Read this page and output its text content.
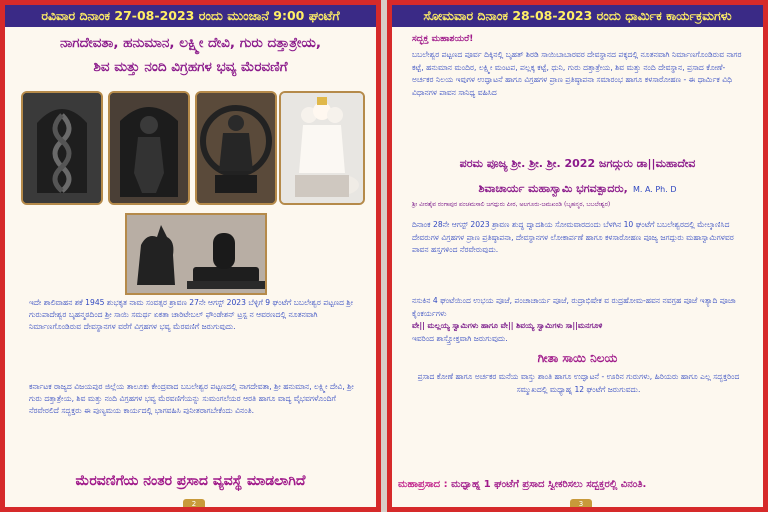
ರವಿವಾರ ದಿನಾಂಕ 27-08-2023 ರಂದು ಮುಂಜಾನೆ 9:00 ಘಂಟೆಗೆ
ನಾಗದೇವತಾ, ಹನುಮಾನ, ಲಕ್ಷ್ಮೀ ದೇವಿ, ಗುರು ದತ್ತಾತ್ರೇಯ,
ಶಿವ ಮತ್ತು ನಂದಿ ವಿಗ್ರಹಗಳ ಭವ್ಯ ಮೆರವಣಿಗೆ
ಇದೇ ಶಾಲಿವಾಹನ ಶಕೆ 1945 ಶುಭಕೃತ ನಾಮ ಸಂವತ್ಸರ ಶ್ರಾವಣ 27ನೇ ಆಗಸ್ಟ್ 2023 ಬೆಳ್ಳಿಗೆ 9 ಘಂಟೆಗೆ ಬಬಲೇಶ್ವರ ಪಟ್ಟಣದ ಶ್ರೀ ಗುರುಪಾದೇಶ್ವರ ಬೃಹನ್ಮಠದಿಂದ ಶ್ರೀ ಸಾಯಿ ಸಮರ್ಥ ಏಕತಾ ಚಾರಿಟೇಬಲ್ ಫೌಂಡೇಶನ್ ಟ್ರಸ್ಟ ನ ಆವರಣದಲ್ಲಿ ನೂತನವಾಗಿ ನಿರ್ಮಾಣಗೊಂಡಿರುವ ದೇವಸ್ಥಾನಗಳ ವರೆಗೆ ವಿಗ್ರಹಗಳ ಭವ್ಯ ಮೆರವಣಿಗೆ ಜರುಗುವುದು.
ಕರ್ನಾಟಕ ರಾಜ್ಯದ ವಿಜಯಪುರ ಜಿಲ್ಲೆಯ ತಾಲೂಕು ಕೇಂದ್ರವಾದ ಬಬಲೇಶ್ವರ ಪಟ್ಟಣದಲ್ಲಿ ನಾಗದೇವತಾ, ಶ್ರೀ ಹನುಮಾನ, ಲಕ್ಷ್ಮೀ ದೇವಿ, ಶ್ರೀ ಗುರು ದತ್ತಾತ್ರೇಯ, ಶಿವ ಮತ್ತು ನಂದಿ ವಿಗ್ರಹಗಳ ಭವ್ಯ ಮೆರವಣಿಗೆಯನ್ನು ಸುಮಂಗಲೆಯರ ಆರತಿ ಹಾಗೂ ವಾದ್ಯ ವೈಭವಗಳೊಂದಿಗೆ ನೆರವೇರಲಿದೆ ಸದ್ಭಕ್ತರು ಈ ಪುಣ್ಯಮಯ ಕಾರ್ಯದಲ್ಲಿ ಭಾಗವಹಿಸಿ ಪುನೀತರಾಗಬೇಕೆಂದು ವಿನಂತಿ.
ಮೆರವಣಿಗೆಯ ನಂತರ ಪ್ರಸಾದ ವ್ಯವಸ್ಥೆ ಮಾಡಲಾಗಿದೆ
2
ಸೋಮವಾರ ದಿನಾಂಕ 28-08-2023 ರಂದು ಧಾರ್ಮಿಕ ಕಾರ್ಯಕ್ರಮಗಳು
ಸದ್ಭಕ್ತ ಮಹಾಶಯರೆ!
ಬಬಲೇಶ್ವರ ಪಟ್ಟಣದ ಪೂರ್ವ ದಿಕ್ಕಿನಲ್ಲಿ ಬೃಹತ್ ಶಿರಡಿ ಸಾಯಿಬಾಬಾರವರ ದೇವಸ್ಥಾನದ ಪಕ್ಕದಲ್ಲಿ ನೂತನವಾಗಿ ನಿರ್ಮಾಣಗೊಂಡಿರುವ ನಾಗರ ಕಟ್ಟೆ, ಹನುಮಾನ ಮಂದಿರ, ಲಕ್ಷ್ಮೀ ಮಂಟಪ, ಪಲ್ಲಕ್ಕ ಕಟ್ಟೆ, ಧುನಿ, ಗುರು ದತ್ತಾತ್ರೇಯ, ಶಿವ ಮತ್ತು ನಂದಿ ದೇವಸ್ಥಾನ, ಪ್ರಸಾದ ಕೋಣೆ-ಅರ್ಚಕರ ನಿಲಯ ಇವುಗಳ ಉದ್ಘಾಟನೆ ಹಾಗೂ ವಿಗ್ರಹಗಳ ಪ್ರಾಣ ಪ್ರತಿಷ್ಠಾಪನಾ ಸಮಾರಂಭ ಹಾಗೂ ಕಳಸಾರೋಹಣ - ಈ ಧಾರ್ಮಿಕ ವಿಧಿ ವಿಧಾನಗಳ ಪಾವನ ಸಾನಿಧ್ಯ ವಹಿಸಿದ
ಪರಮ ಪೂಜ್ಯ ಶ್ರೀ. ಶ್ರೀ. ಶ್ರೀ. 2022 ಜಗದ್ಗುರು ಡಾ||ಮಹಾದೇವ
ಶಿವಾಚಾರ್ಯ ಮಹಾಸ್ವಾಮಿ ಭಗವತ್ಪಾದರು, M. A. Ph. D
ಶ್ರೀ ವೀರಶೈವ ರಂಗಾಪುರ ಪಂಚಮಸಾಲಿ ಜಗದ್ಗುರು ಪೀಠ, ಅಲಗೂರು-ಜಮಖಂಡಿ (ಬೃಹನ್ಮಠ, ಬಬಲೇಶ್ವರ)
ದಿನಾಂಕ 28ನೇ ಆಗಸ್ಟ್ 2023 ಶ್ರಾವಣ ಶುದ್ಧ ದ್ವಾದಶಿಯ ಸೋಮವಾರದಂದು ಬೆಳಗಿನ 10 ಘಂಟೆಗೆ ಬಬಲೇಶ್ವರದಲ್ಲಿ ಮೇಲ್ಕಾಣಿಸಿದ ದೇವರುಗಳ ವಿಗ್ರಹಗಳ ಪ್ರಾಣ ಪ್ರತಿಷ್ಠಾಪನಾ, ದೇವಸ್ಥಾನಗಳ ಲೋಕಾರ್ಪಣೆ ಹಾಗೂ ಕಳಸಾರೋಹಣ ಪೂಜ್ಯ ಜಗದ್ಗುರು ಮಹಾಸ್ವಾಮಿಗಳವರ ಪಾವನ ಹಸ್ತಗಳಿಂದ ನೆರವೇರುವುದು.
ನಸುಕಿನ 4 ಘಂಟೆಯಿಂದ ಉಭಯ ಪೂಜೆ, ಪಂಚಾಚಾರ್ಯ ಪೂಜೆ, ರುದ್ರಾಭಿಷೇಕ ವ ರುದ್ರಹೋಮ-ಹವನ ನವಗ್ರಹ ಪೂಜೆ ಇತ್ಯಾದಿ ಪೂಜಾ ಕೈಂಕರ್ಯಗಳು
ವೇ|| ಮಲ್ಲಯ್ಯ ಸ್ವಾಮಿಗಳು ಹಾಗೂ ವೇ|| ಶಿವಯ್ಯ ಸ್ವಾಮಿಗಳು ಸಾ||ಮನಗೂಳಿ
ಇವರಿಂದ ಶಾಸ್ತ್ರೋಕ್ತವಾಗಿ ಜರುಗುವುದು.
ಗೀತಾ ಸಾಯಿ ನಿಲಯ
ಪ್ರಸಾದ ಕೋಣೆ ಹಾಗೂ ಅರ್ಚಕರ ಮನೆಯ ವಾಸ್ತು ಶಾಂತಿ ಹಾಗೂ ಉದ್ಘಾಟನೆ - ಊರಿನ ಗುರುಗಳು, ಹಿರಿಯರು ಹಾಗೂ ಎಲ್ಲ ಸದ್ಭಕ್ತರಿಂದ ಸಮ್ಮುಖದಲ್ಲಿ ಮಧ್ಯಾಹ್ನ 12 ಘಂಟೆಗೆ ಜರುಗುವದು.
ಮಹಾಪ್ರಸಾದ : ಮಧ್ಯಾಹ್ನ 1 ಘಂಟೆಗೆ ಪ್ರಸಾದ ಸ್ವೀಕರಿಸಲು ಸದ್ಭಕ್ತರಲ್ಲಿ ವಿನಂತಿ.
3
